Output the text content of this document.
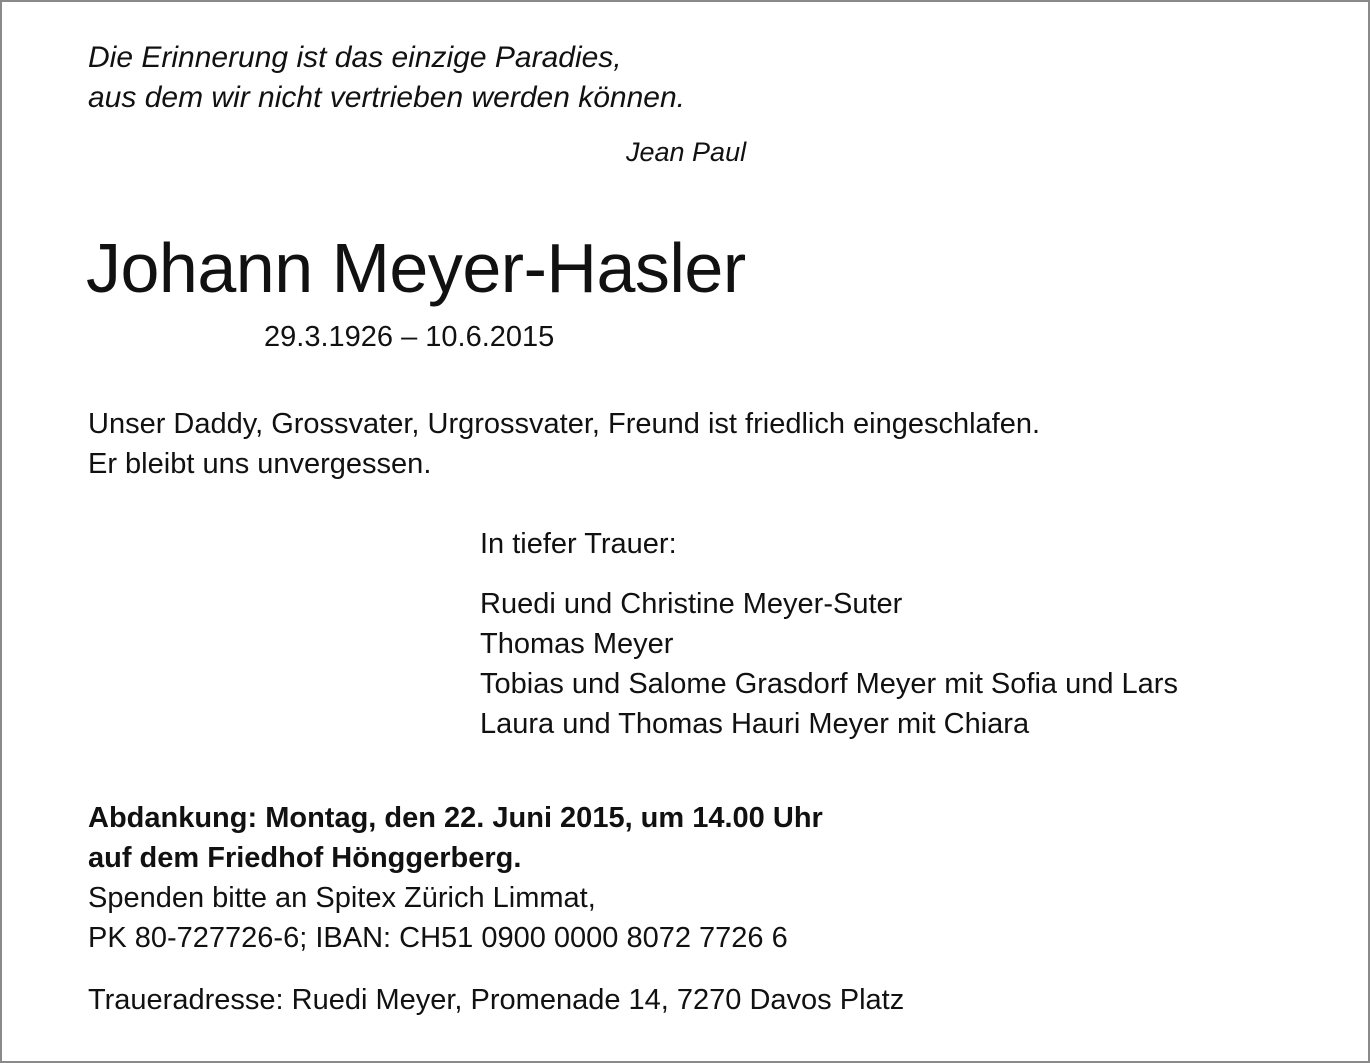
Die Erinnerung ist das einzige Paradies,
aus dem wir nicht vertrieben werden können.
Jean Paul
Johann Meyer-Hasler
29.3.1926 – 10.6.2015
Unser Daddy, Grossvater, Urgrossvater, Freund ist friedlich eingeschlafen.
Er bleibt uns unvergessen.
In tiefer Trauer:
Ruedi und Christine Meyer-Suter
Thomas Meyer
Tobias und Salome Grasdorf Meyer mit Sofia und Lars
Laura und Thomas Hauri Meyer mit Chiara
Abdankung: Montag, den 22. Juni 2015, um 14.00 Uhr
auf dem Friedhof Hönggerberg.
Spenden bitte an Spitex Zürich Limmat,
PK 80-727726-6; IBAN: CH51 0900 0000 8072 7726 6
Traueradresse: Ruedi Meyer, Promenade 14, 7270 Davos Platz
